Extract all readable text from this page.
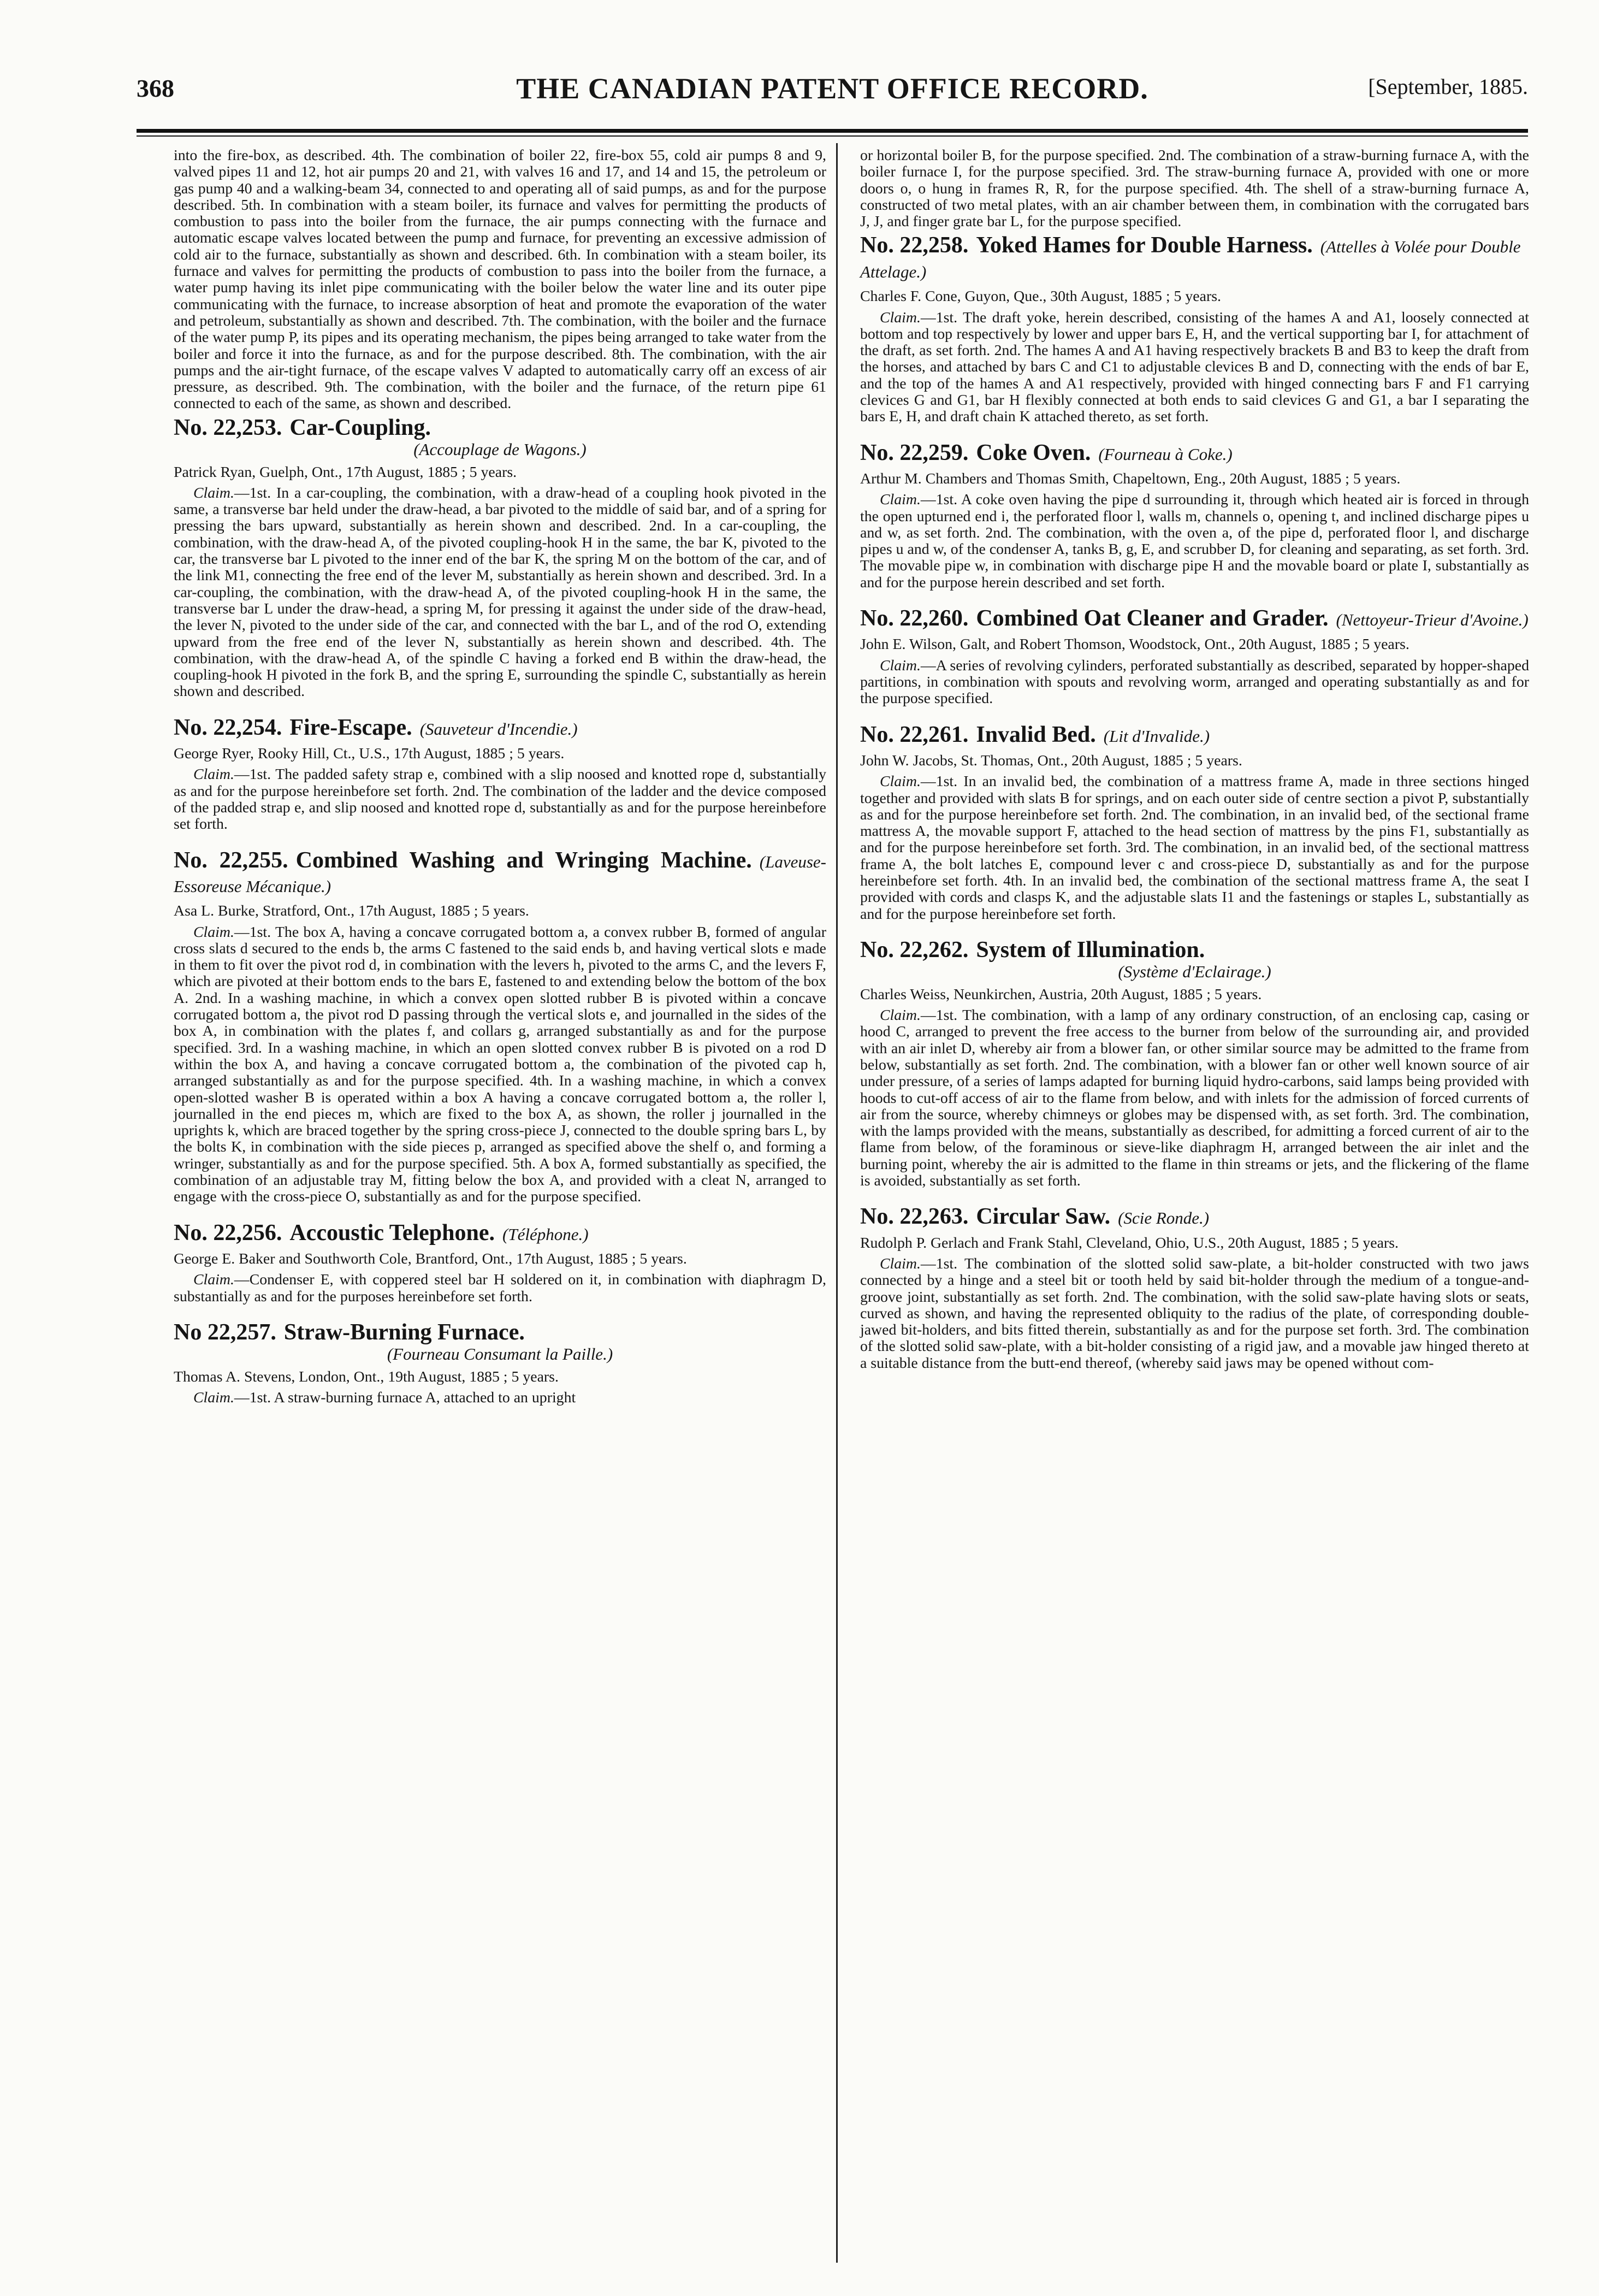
368	THE CANADIAN PATENT OFFICE RECORD.	[September, 1885.

into the fire-box, as described. 4th. The combination of boiler 22, fire-box 55, cold air pumps 8 and 9, valved pipes 11 and 12, hot air pumps 20 and 21, with valves 16 and 17, and 14 and 15, the petroleum or gas pump 40 and a walking-beam 34, connected to and operating all of said pumps, as and for the purpose described. 5th. In combination with a steam boiler, its furnace and valves for permitting the products of combustion to pass into the boiler from the furnace, the air pumps connecting with the furnace and automatic escape valves located between the pump and furnace, for preventing an excessive admission of cold air to the furnace, substantially as shown and described. 6th. In combination with a steam boiler, its furnace and valves for permitting the products of combustion to pass into the boiler from the furnace, a water pump having its inlet pipe communicating with the boiler below the water line and its outer pipe communicating with the furnace, to increase absorption of heat and promote the evaporation of the water and petroleum, substantially as shown and described. 7th. The combination, with the boiler and the furnace of the water pump P, its pipes and its operating mechanism, the pipes being arranged to take water from the boiler and force it into the furnace, as and for the purpose described. 8th. The combination, with the air pumps and the air-tight furnace, of the escape valves V adapted to automatically carry off an excess of air pressure, as described. 9th. The combination, with the boiler and the furnace, of the return pipe 61 connected to each of the same, as shown and described.

No. 22,253. Car-Coupling.
(Accouplage de Wagons.)

Patrick Ryan, Guelph, Ont., 17th August, 1885 ; 5 years.

Claim.—1st. In a car-coupling, the combination, with a draw-head of a coupling hook pivoted in the same, a transverse bar held under the draw-head, a bar pivoted to the middle of said bar, and of a spring for pressing the bars upward, substantially as herein shown and described. 2nd. In a car-coupling, the combination, with the draw-head A, of the pivoted coupling-hook H in the same, the bar K, pivoted to the car, the transverse bar L pivoted to the inner end of the bar K, the spring M on the bottom of the car, and of the link M1, connecting the free end of the lever M, substantially as herein shown and described. 3rd. In a car-coupling, the combination, with the draw-head A, of the pivoted coupling-hook H in the same, the transverse bar L under the draw-head, a spring M, for pressing it against the under side of the draw-head, the lever N, pivoted to the under side of the car, and connected with the bar L, and of the rod O, extending upward from the free end of the lever N, substantially as herein shown and described. 4th. The combination, with the draw-head A, of the spindle C having a forked end B within the draw-head, the coupling-hook H pivoted in the fork B, and the spring E, surrounding the spindle C, substantially as herein shown and described.

No. 22,254. Fire-Escape. (Sauveteur d'Incendie.)

George Ryer, Rooky Hill, Ct., U.S., 17th August, 1885 ; 5 years.

Claim.—1st. The padded safety strap e, combined with a slip noosed and knotted rope d, substantially as and for the purpose hereinbefore set forth. 2nd. The combination of the ladder and the device composed of the padded strap e, and slip noosed and knotted rope d, substantially as and for the purpose hereinbefore set forth.

No. 22,255. Combined Washing and Wringing Machine. (Laveuse-Essoreuse Mécanique.)

Asa L. Burke, Stratford, Ont., 17th August, 1885 ; 5 years.

Claim.—1st. The box A, having a concave corrugated bottom a, a convex rubber B, formed of angular cross slats d secured to the ends b, the arms C fastened to the said ends b, and having vertical slots e made in them to fit over the pivot rod d, in combination with the levers h, pivoted to the arms C, and the levers F, which are pivoted at their bottom ends to the bars E, fastened to and extending below the bottom of the box A. 2nd. In a washing machine, in which a convex open slotted rubber B is pivoted within a concave corrugated bottom a, the pivot rod D passing through the vertical slots e, and journalled in the sides of the box A, in combination with the plates f, and collars g, arranged substantially as and for the purpose specified. 3rd. In a washing machine, in which an open slotted convex rubber B is pivoted on a rod D within the box A, and having a concave corrugated bottom a, the combination of the pivoted cap h, arranged substantially as and for the purpose specified. 4th. In a washing machine, in which a convex open-slotted washer B is operated within a box A having a concave corrugated bottom a, the roller l, journalled in the end pieces m, which are fixed to the box A, as shown, the roller j journalled in the uprights k, which are braced together by the spring cross-piece J, connected to the double spring bars L, by the bolts K, in combination with the side pieces p, arranged as specified above the shelf o, and forming a wringer, substantially as and for the purpose specified. 5th. A box A, formed substantially as specified, the combination of an adjustable tray M, fitting below the box A, and provided with a cleat N, arranged to engage with the cross-piece O, substantially as and for the purpose specified.

No. 22,256. Accoustic Telephone. (Téléphone.)

George E. Baker and Southworth Cole, Brantford, Ont., 17th August, 1885 ; 5 years.

Claim.—Condenser E, with coppered steel bar H soldered on it, in combination with diaphragm D, substantially as and for the purposes hereinbefore set forth.

No 22,257. Straw-Burning Furnace.
(Fourneau Consumant la Paille.)

Thomas A. Stevens, London, Ont., 19th August, 1885 ; 5 years.

Claim.—1st. A straw-burning furnace A, attached to an upright

or horizontal boiler B, for the purpose specified. 2nd. The combination of a straw-burning furnace A, with the boiler furnace I, for the purpose specified. 3rd. The straw-burning furnace A, provided with one or more doors o, o hung in frames R, R, for the purpose specified. 4th. The shell of a straw-burning furnace A, constructed of two metal plates, with an air chamber between them, in combination with the corrugated bars J, J, and finger grate bar L, for the purpose specified.

No. 22,258. Yoked Hames for Double Harness. (Attelles à Volée pour Double Attelage.)

Charles F. Cone, Guyon, Que., 30th August, 1885 ; 5 years.

Claim.—1st. The draft yoke, herein described, consisting of the hames A and A1, loosely connected at bottom and top respectively by lower and upper bars E, H, and the vertical supporting bar I, for attachment of the draft, as set forth. 2nd. The hames A and A1 having respectively brackets B and B3 to keep the draft from the horses, and attached by bars C and C1 to adjustable clevices B and D, connecting with the ends of bar E, and the top of the hames A and A1 respectively, provided with hinged connecting bars F and F1 carrying clevices G and G1, bar H flexibly connected at both ends to said clevices G and G1, a bar I separating the bars E, H, and draft chain K attached thereto, as set forth.

No. 22,259. Coke Oven. (Fourneau à Coke.)

Arthur M. Chambers and Thomas Smith, Chapeltown, Eng., 20th August, 1885 ; 5 years.

Claim.—1st. A coke oven having the pipe d surrounding it, through which heated air is forced in through the open upturned end i, the perforated floor l, walls m, channels o, opening t, and inclined discharge pipes u and w, as set forth. 2nd. The combination, with the oven a, of the pipe d, perforated floor l, and discharge pipes u and w, of the condenser A, tanks B, g, E, and scrubber D, for cleaning and separating, as set forth. 3rd. The movable pipe w, in combination with discharge pipe H and the movable board or plate I, substantially as and for the purpose herein described and set forth.

No. 22,260. Combined Oat Cleaner and Grader. (Nettoyeur-Trieur d'Avoine.)

John E. Wilson, Galt, and Robert Thomson, Woodstock, Ont., 20th August, 1885 ; 5 years.

Claim.—A series of revolving cylinders, perforated substantially as described, separated by hopper-shaped partitions, in combination with spouts and revolving worm, arranged and operating substantially as and for the purpose specified.

No. 22,261. Invalid Bed. (Lit d'Invalide.)

John W. Jacobs, St. Thomas, Ont., 20th August, 1885 ; 5 years.

Claim.—1st. In an invalid bed, the combination of a mattress frame A, made in three sections hinged together and provided with slats B for springs, and on each outer side of centre section a pivot P, substantially as and for the purpose hereinbefore set forth. 2nd. The combination, in an invalid bed, of the sectional frame mattress A, the movable support F, attached to the head section of mattress by the pins F1, substantially as and for the purpose hereinbefore set forth. 3rd. The combination, in an invalid bed, of the sectional mattress frame A, the bolt latches E, compound lever c and cross-piece D, substantially as and for the purpose hereinbefore set forth. 4th. In an invalid bed, the combination of the sectional mattress frame A, the seat I provided with cords and clasps K, and the adjustable slats I1 and the fastenings or staples L, substantially as and for the purpose hereinbefore set forth.

No. 22,262. System of Illumination.
(Système d'Eclairage.)

Charles Weiss, Neunkirchen, Austria, 20th August, 1885 ; 5 years.

Claim.—1st. The combination, with a lamp of any ordinary construction, of an enclosing cap, casing or hood C, arranged to prevent the free access to the burner from below of the surrounding air, and provided with an air inlet D, whereby air from a blower fan, or other similar source may be admitted to the frame from below, substantially as set forth. 2nd. The combination, with a blower fan or other well known source of air under pressure, of a series of lamps adapted for burning liquid hydro-carbons, said lamps being provided with hoods to cut-off access of air to the flame from below, and with inlets for the admission of forced currents of air from the source, whereby chimneys or globes may be dispensed with, as set forth. 3rd. The combination, with the lamps provided with the means, substantially as described, for admitting a forced current of air to the flame from below, of the foraminous or sieve-like diaphragm H, arranged between the air inlet and the burning point, whereby the air is admitted to the flame in thin streams or jets, and the flickering of the flame is avoided, substantially as set forth.

No. 22,263. Circular Saw. (Scie Ronde.)

Rudolph P. Gerlach and Frank Stahl, Cleveland, Ohio, U.S., 20th August, 1885 ; 5 years.

Claim.—1st. The combination of the slotted solid saw-plate, a bit-holder constructed with two jaws connected by a hinge and a steel bit or tooth held by said bit-holder through the medium of a tongue-and-groove joint, substantially as set forth. 2nd. The combination, with the solid saw-plate having slots or seats, curved as shown, and having the represented obliquity to the radius of the plate, of corresponding double-jawed bit-holders, and bits fitted therein, substantially as and for the purpose set forth. 3rd. The combination of the slotted solid saw-plate, with a bit-holder consisting of a rigid jaw, and a movable jaw hinged thereto at a suitable distance from the butt-end thereof, (whereby said jaws may be opened without com-
